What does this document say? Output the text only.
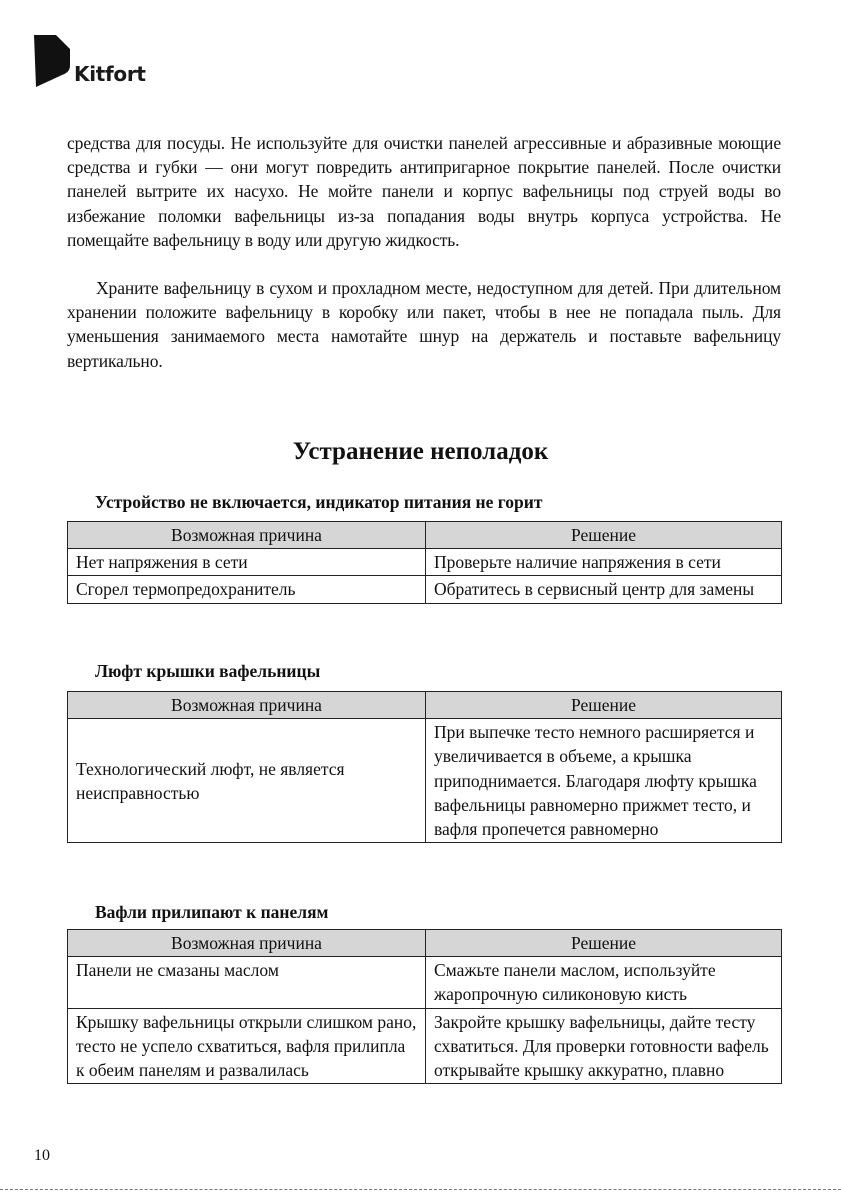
Kitfort

средства для посуды. Не используйте для очистки панелей агрессивные и абразивные моющие средства и губки — они могут повредить антипригарное покрытие панелей. После очистки панелей вытрите их насухо. Не мойте панели и корпус вафельницы под струей воды во избежание поломки вафельницы из-за попадания воды внутрь корпуса устройства. Не помещайте вафельницу в воду или другую жидкость.

Храните вафельницу в сухом и прохладном месте, недоступном для детей. При длительном хранении положите вафельницу в коробку или пакет, чтобы в нее не попадала пыль. Для уменьшения занимаемого места намотайте шнур на держатель и поставьте вафельницу вертикально.

Устранение неполадок
Устройство не включается, индикатор питания не горит
Возможная причина	Решение
Нет напряжения в сети	Проверьте наличие напряжения в сети
Сгорел термопредохранитель	Обратитесь в сервисный центр для замены
Люфт крышки вафельницы
Возможная причина	Решение
Технологический люфт, не является неисправностью	При выпечке тесто немного расширяется и увеличивается в объеме, а крышка приподнимается. Благодаря люфту крышка вафельницы равномерно прижмет тесто, и вафля пропечется равномерно
Вафли прилипают к панелям
Возможная причина	Решение
Панели не смазаны маслом	Смажьте панели маслом, используйте жаропрочную силиконовую кисть
Крышку вафельницы открыли слишком рано, тесто не успело схватиться, вафля прилипла к обеим панелям и развалилась	Закройте крышку вафельницы, дайте тесту схватиться. Для проверки готовности вафель открывайте крышку аккуратно, плавно
10
